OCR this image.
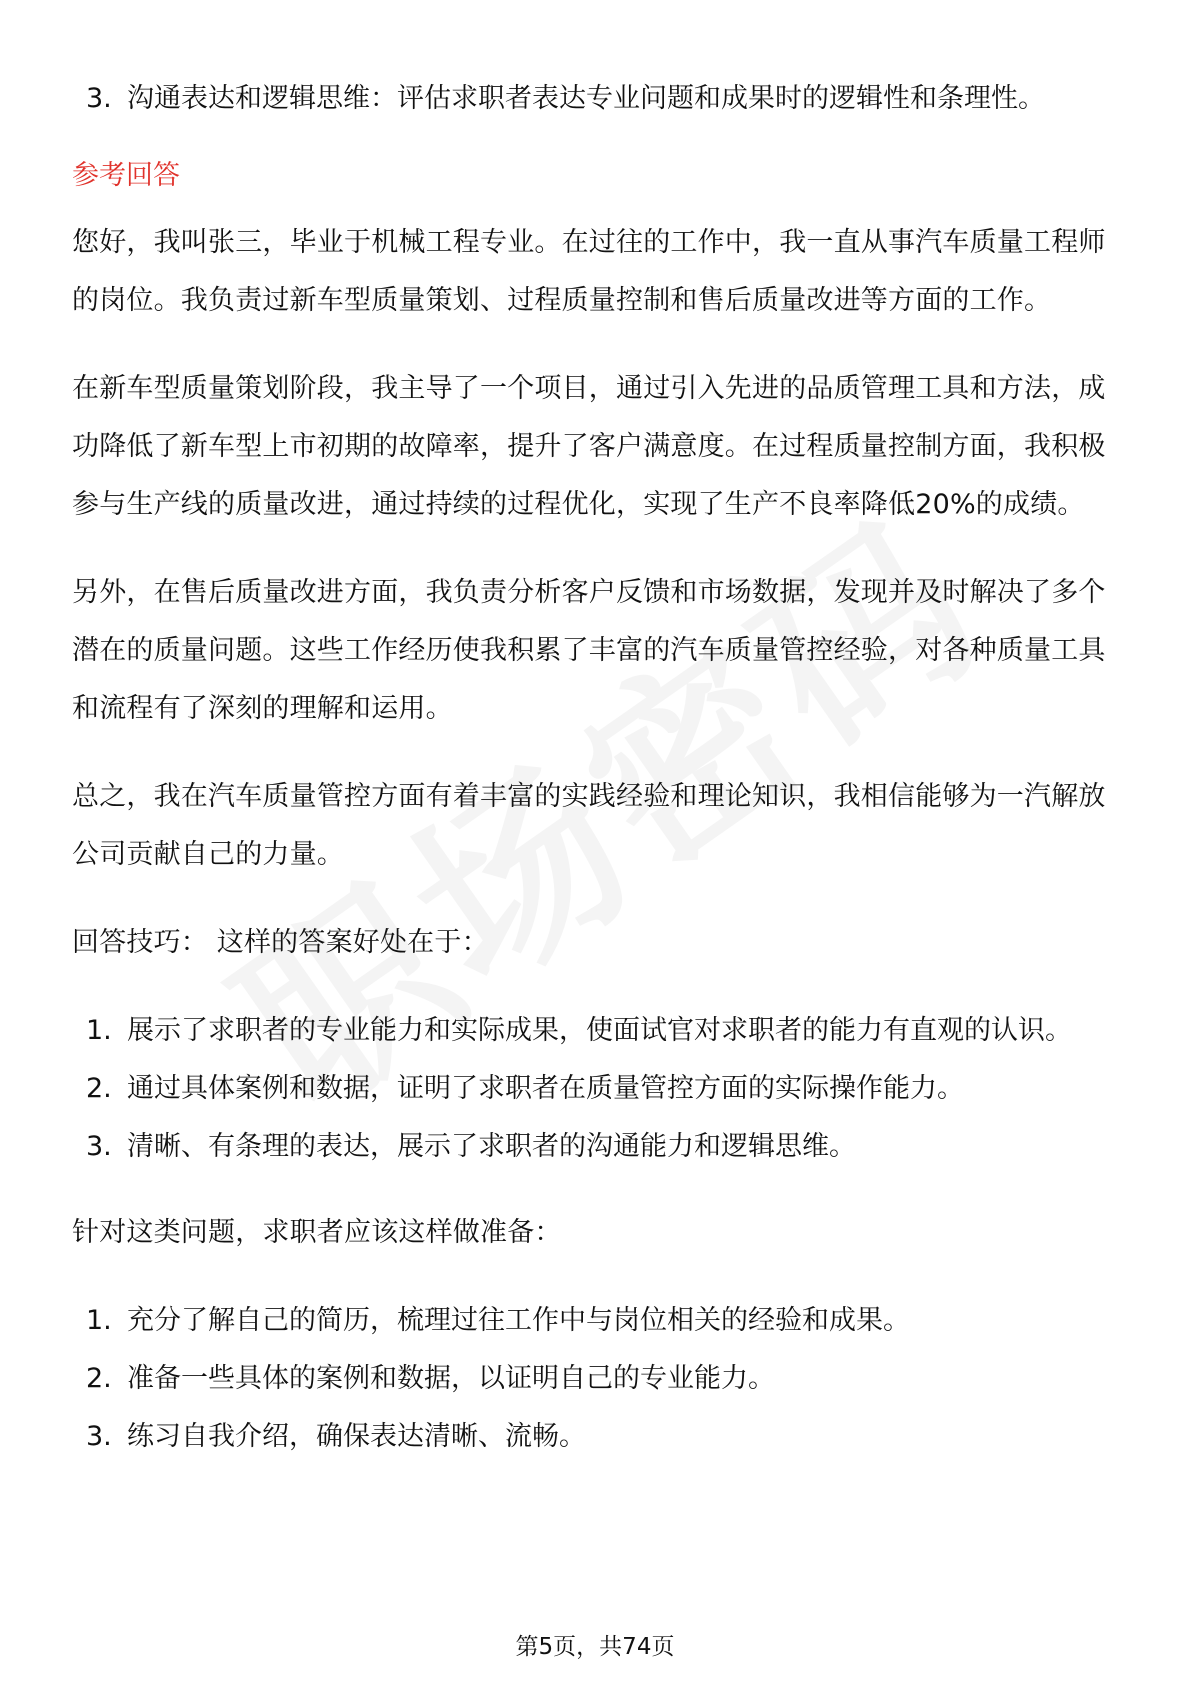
3. 沟通表达和逻辑思维：评估求职者表达专业问题和成果时的逻辑性和条理性。
参考回答

您好，我叫张三，毕业于机械工程专业。在过往的工作中，我一直从事汽车质量工程师的岗位。我负责过新车型质量策划、过程质量控制和售后质量改进等方面的工作。

在新车型质量策划阶段，我主导了一个项目，通过引入先进的品质管理工具和方法，成功降低了新车型上市初期的故障率，提升了客户满意度。在过程质量控制方面，我积极参与生产线的质量改进，通过持续的过程优化，实现了生产不良率降低20%的成绩。

另外，在售后质量改进方面，我负责分析客户反馈和市场数据，发现并及时解决了多个潜在的质量问题。这些工作经历使我积累了丰富的汽车质量管控经验，对各种质量工具和流程有了深刻的理解和运用。

总之，我在汽车质量管控方面有着丰富的实践经验和理论知识，我相信能够为一汽解放公司贡献自己的力量。

回答技巧： 这样的答案好处在于：

1. 展示了求职者的专业能力和实际成果，使面试官对求职者的能力有直观的认识。
2. 通过具体案例和数据，证明了求职者在质量管控方面的实际操作能力。
3. 清晰、有条理的表达，展示了求职者的沟通能力和逻辑思维。

针对这类问题，求职者应该这样做准备：

1. 充分了解自己的简历，梳理过往工作中与岗位相关的经验和成果。
2. 准备一些具体的案例和数据，以证明自己的专业能力。
3. 练习自我介绍，确保表达清晰、流畅。
第5页，共74页
